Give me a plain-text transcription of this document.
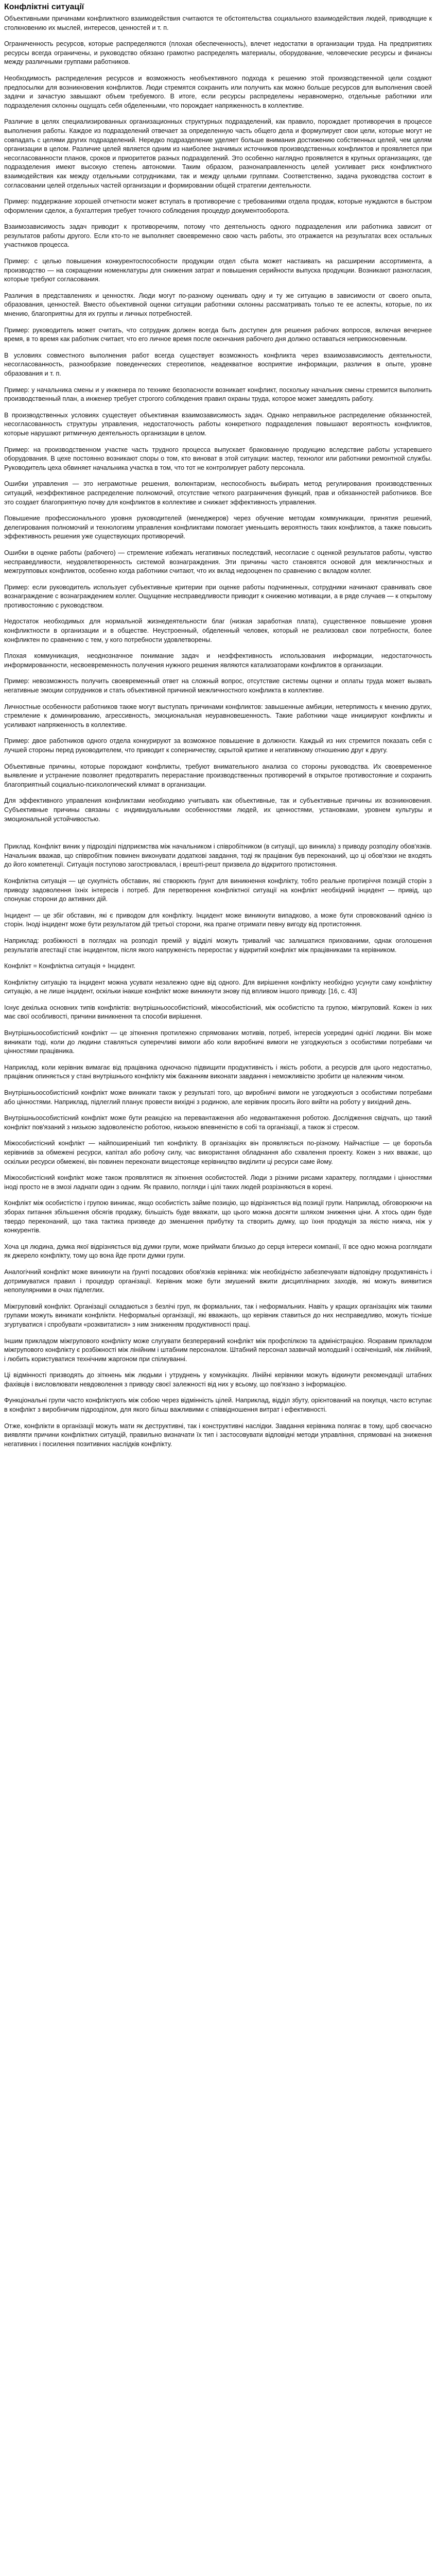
Конфліктні ситуації

Объективными причинами конфликтного взаимодействия считаются те обстоятельства социального взаимодействия людей, приводящие к столкновению их мыслей, интересов, ценностей и т. п.

Ограниченность ресурсов, которые распределяются (плохая обеспеченность), влечет недостатки в организации труда. На предприятиях ресурсы всегда ограничены, и руководство обязано грамотно распределять материалы, оборудование, человеческие ресурсы и финансы между различными группами работников.

Необходимость распределения ресурсов и возможность необъективного подхода к решению этой производственной цели создают предпосылки для возникновения конфликтов. Люди стремятся сохранить или получить как можно больше ресурсов для выполнения своей задачи и зачастую завышают объем требуемого. В итоге, если ресурсы распределены неравномерно, отдельные работники или подразделения склонны ощущать себя обделенными, что порождает напряженность в коллективе.

Различие в целях специализированных организационных структурных подразделений, как правило, порождает противоречия в процессе выполнения работы. Каждое из подразделений отвечает за определенную часть общего дела и формулирует свои цели, которые могут не совпадать с целями других подразделений. Нередко подразделение уделяет больше внимания достижению собственных целей, чем целям организации в целом. Различие целей является одним из наиболее значимых источников производственных конфликтов и проявляется при несогласованности планов, сроков и приоритетов разных подразделений. Это особенно наглядно проявляется в крупных организациях, где подразделения имеют высокую степень автономии. Таким образом, разнонаправленность целей усиливает риск конфликтного взаимодействия как между отдельными сотрудниками, так и между целыми группами. Соответственно, задача руководства состоит в согласовании целей отдельных частей организации и формировании общей стратегии деятельности.

Пример: поддержание хорошей отчетности может вступать в противоречие с требованиями отдела продаж, которые нуждаются в быстром оформлении сделок, а бухгалтерия требует точного соблюдения процедур документооборота.

Взаимозависимость задач приводит к противоречиям, потому что деятельность одного подразделения или работника зависит от результатов работы другого. Если кто-то не выполняет своевременно свою часть работы, это отражается на результатах всех остальных участников процесса.

Пример: с целью повышения конкурентоспособности продукции отдел сбыта может настаивать на расширении ассортимента, а производство — на сокращении номенклатуры для снижения затрат и повышения серийности выпуска продукции. Возникают разногласия, которые требуют согласования.

Различия в представлениях и ценностях. Люди могут по-разному оценивать одну и ту же ситуацию в зависимости от своего опыта, образования, ценностей. Вместо объективной оценки ситуации работники склонны рассматривать только те ее аспекты, которые, по их мнению, благоприятны для их группы и личных потребностей.

Пример: руководитель может считать, что сотрудник должен всегда быть доступен для решения рабочих вопросов, включая вечернее время, в то время как работник считает, что его личное время после окончания рабочего дня должно оставаться неприкосновенным.

В условиях совместного выполнения работ всегда существует возможность конфликта через взаимозависимость деятельности, несогласованность, разнообразие поведенческих стереотипов, неадекватное восприятие информации, различия в опыте, уровне образования и т. п.

Пример: у начальника смены и у инженера по технике безопасности возникает конфликт, поскольку начальник смены стремится выполнить производственный план, а инженер требует строгого соблюдения правил охраны труда, которое может замедлять работу.

В производственных условиях существует объективная взаимозависимость задач. Однако неправильное распределение обязанностей, несогласованность структуры управления, недостаточность работы конкретного подразделения повышают вероятность конфликтов, которые нарушают ритмичную деятельность организации в целом.

Пример: на производственном участке часть трудного процесса выпускает бракованную продукцию вследствие работы устаревшего оборудования. В цехе постоянно возникают споры о том, кто виноват в этой ситуации: мастер, технолог или работники ремонтной службы. Руководитель цеха обвиняет начальника участка в том, что тот не контролирует работу персонала.

Ошибки управления — это неграмотные решения, волюнтаризм, неспособность выбирать метод регулирования производственных ситуаций, неэффективное распределение полномочий, отсутствие четкого разграничения функций, прав и обязанностей работников. Все это создает благоприятную почву для конфликтов в коллективе и снижает эффективность управления.

Повышение профессионального уровня руководителей (менеджеров) через обучение методам коммуникации, принятия решений, делегирования полномочий и технологиям управления конфликтами помогает уменьшить вероятность таких конфликтов, а также повысить эффективность решения уже существующих противоречий.

Ошибки в оценке работы (рабочего) — стремление избежать негативных последствий, несогласие с оценкой результатов работы, чувство несправедливости, неудовлетворенность системой вознаграждения. Эти причины часто становятся основой для межличностных и межгрупповых конфликтов, особенно когда работники считают, что их вклад недооценен по сравнению с вкладом коллег.

Пример: если руководитель использует субъективные критерии при оценке работы подчиненных, сотрудники начинают сравнивать свое вознаграждение с вознаграждением коллег. Ощущение несправедливости приводит к снижению мотивации, а в ряде случаев — к открытому противостоянию с руководством.

Недостаток необходимых для нормальной жизнедеятельности благ (низкая заработная плата), существенное повышение уровня конфликтности в организации и в обществе. Неустроенный, обделенный человек, который не реализовал свои потребности, более конфликтен по сравнению с тем, у кого потребности удовлетворены.

Плохая коммуникация, неоднозначное понимание задач и неэффективность использования информации, недостаточность информированности, несвоевременность получения нужного решения являются катализаторами конфликтов в организации.

Пример: невозможность получить своевременный ответ на сложный вопрос, отсутствие системы оценки и оплаты труда может вызвать негативные эмоции сотрудников и стать объективной причиной межличностного конфликта в коллективе.

Личностные особенности работников также могут выступать причинами конфликтов: завышенные амбиции, нетерпимость к мнению других, стремление к доминированию, агрессивность, эмоциональная неуравновешенность. Такие работники чаще инициируют конфликты и усиливают напряженность в коллективе.

Пример: двое работников одного отдела конкурируют за возможное повышение в должности. Каждый из них стремится показать себя с лучшей стороны перед руководителем, что приводит к соперничеству, скрытой критике и негативному отношению друг к другу.

Объективные причины, которые порождают конфликты, требуют внимательного анализа со стороны руководства. Их своевременное выявление и устранение позволяет предотвратить перерастание производственных противоречий в открытое противостояние и сохранить благоприятный социально-психологический климат в организации.

Для эффективного управления конфликтами необходимо учитывать как объективные, так и субъективные причины их возникновения. Субъективные причины связаны с индивидуальными особенностями людей, их ценностями, установками, уровнем культуры и эмоциональной устойчивостью.

Приклад. Конфлікт виник у підрозділі підприємства між начальником і співробітником (в ситуації, що виникла) з приводу розподілу обов'язків. Начальник вважав, що співробітник повинен виконувати додаткові завдання, тоді як працівник був переконаний, що ці обов'язки не входять до його компетенції. Ситуація поступово загострювалася, і врешті-решт призвела до відкритого протистояння.

Конфліктна ситуація — це сукупність обставин, які створюють ґрунт для виникнення конфлікту, тобто реальне протиріччя позицій сторін з приводу задоволення їхніх інтересів і потреб. Для перетворення конфліктної ситуації на конфлікт необхідний інцидент — привід, що спонукає сторони до активних дій.

Інцидент — це збіг обставин, які є приводом для конфлікту. Інцидент може виникнути випадково, а може бути спровокований однією із сторін. Іноді інцидент може бути результатом дій третьої сторони, яка прагне отримати певну вигоду від протистояння.

Наприклад: розбіжності в поглядах на розподіл премій у відділі можуть тривалий час залишатися прихованими, однак оголошення результатів атестації стає інцидентом, після якого напруженість переростає у відкритий конфлікт між працівниками та керівником.

Конфлікт = Конфліктна ситуація + Інцидент.

Конфліктну ситуацію та інцидент можна усувати незалежно одне від одного. Для вирішення конфлікту необхідно усунути саму конфліктну ситуацію, а не лише інцидент, оскільки інакше конфлікт може виникнути знову під впливом іншого приводу. [16, с. 43]

Існує декілька основних типів конфліктів: внутрішньоособистісний, міжособистісний, між особистістю та групою, міжгруповий. Кожен із них має свої особливості, причини виникнення та способи вирішення.

Внутрішньоособистісний конфлікт — це зіткнення протилежно спрямованих мотивів, потреб, інтересів усередині однієї людини. Він може виникати тоді, коли до людини ставляться суперечливі вимоги або коли виробничі вимоги не узгоджуються з особистими потребами чи цінностями працівника.

Наприклад, коли керівник вимагає від працівника одночасно підвищити продуктивність і якість роботи, а ресурсів для цього недостатньо, працівник опиняється у стані внутрішнього конфлікту між бажанням виконати завдання і неможливістю зробити це належним чином.

Внутрішньоособистісний конфлікт може виникати також у результаті того, що виробничі вимоги не узгоджуються з особистими потребами або цінностями. Наприклад, підлеглий планує провести вихідні з родиною, але керівник просить його вийти на роботу у вихідний день.

Внутрішньоособистісний конфлікт може бути реакцією на перевантаження або недовантаження роботою. Дослідження свідчать, що такий конфлікт пов'язаний з низькою задоволеністю роботою, низькою впевненістю в собі та організації, а також зі стресом.

Міжособистісний конфлікт — найпоширеніший тип конфлікту. В організаціях він проявляється по-різному. Найчастіше — це боротьба керівників за обмежені ресурси, капітал або робочу силу, час використання обладнання або схвалення проекту. Кожен з них вважає, що оскільки ресурси обмежені, він повинен переконати вищестояще керівництво виділити ці ресурси саме йому.

Міжособистісний конфлікт може також проявлятися як зіткнення особистостей. Люди з різними рисами характеру, поглядами і цінностями іноді просто не в змозі ладнати один з одним. Як правило, погляди і цілі таких людей розрізняються в корені.

Конфлікт між особистістю і групою виникає, якщо особистість займе позицію, що відрізняється від позиції групи. Наприклад, обговорюючи на зборах питання збільшення обсягів продажу, більшість буде вважати, що цього можна досягти шляхом зниження ціни. А хтось один буде твердо переконаний, що така тактика призведе до зменшення прибутку та створить думку, що їхня продукція за якістю нижча, ніж у конкурентів.

Хоча ця людина, думка якої відрізняється від думки групи, може приймати близько до серця інтереси компанії, її все одно можна розглядати як джерело конфлікту, тому що вона йде проти думки групи.

Аналогічний конфлікт може виникнути на ґрунті посадових обов'язків керівника: між необхідністю забезпечувати відповідну продуктивність і дотримуватися правил і процедур організації. Керівник може бути змушений вжити дисциплінарних заходів, які можуть виявитися непопулярними в очах підлеглих.

Міжгруповий конфлікт. Організації складаються з безлічі груп, як формальних, так і неформальних. Навіть у кращих організаціях між такими групами можуть виникати конфлікти. Неформальні організації, які вважають, що керівник ставиться до них несправедливо, можуть тісніше згуртуватися і спробувати «розквитатися» з ним зниженням продуктивності праці.

Іншим прикладом міжгрупового конфлікту може слугувати безперервний конфлікт між профспілкою та адміністрацією. Яскравим прикладом міжгрупового конфлікту є розбіжності між лінійним і штабним персоналом. Штабний персонал зазвичай молодший і освіченіший, ніж лінійний, і любить користуватися технічним жаргоном при спілкуванні.

Ці відмінності призводять до зіткнень між людьми і утруднень у комунікаціях. Лінійні керівники можуть відкинути рекомендації штабних фахівців і висловлювати невдоволення з приводу своєї залежності від них у всьому, що пов'язано з інформацією.

Функціональні групи часто конфліктують між собою через відмінність цілей. Наприклад, відділ збуту, орієнтований на покупця, часто вступає в конфлікт з виробничим підрозділом, для якого більш важливими є співвідношення витрат і ефективності.

Отже, конфлікти в організації можуть мати як деструктивні, так і конструктивні наслідки. Завдання керівника полягає в тому, щоб своєчасно виявляти причини конфліктних ситуацій, правильно визначати їх тип і застосовувати відповідні методи управління, спрямовані на зниження негативних і посилення позитивних наслідків конфлікту.
